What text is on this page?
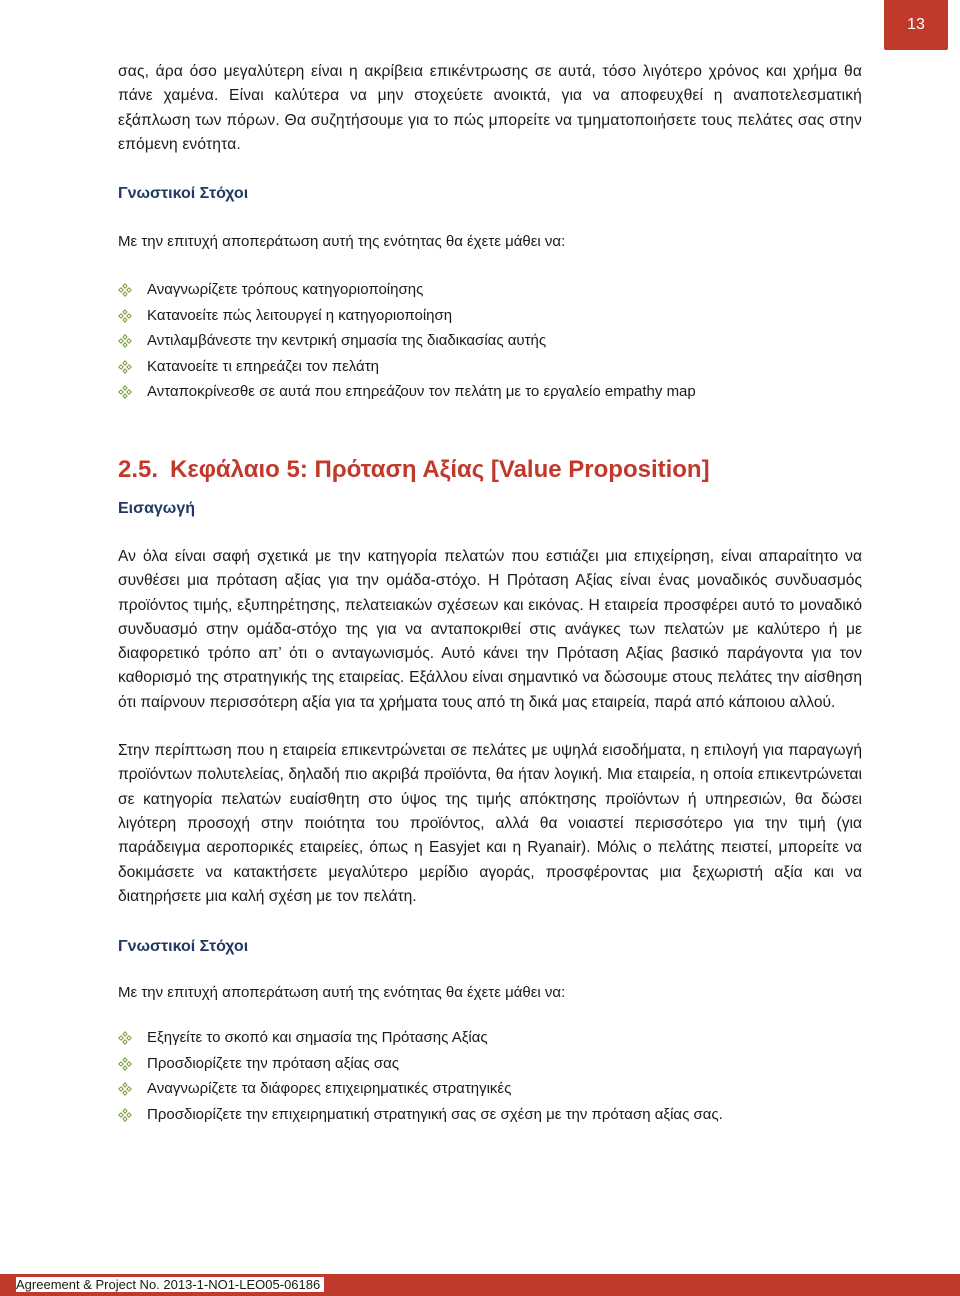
13

σας, άρα όσο μεγαλύτερη είναι η ακρίβεια επικέντρωσης σε αυτά, τόσο λιγότερο χρόνος και χρήμα θα πάνε χαμένα. Είναι καλύτερα να μην στοχεύετε ανοικτά, για να αποφευχθεί η αναποτελεσματική εξάπλωση των πόρων. Θα συζητήσουμε για το πώς μπορείτε να τμηματοποιήσετε τους πελάτες σας στην επόμενη ενότητα.

Γνωστικοί Στόχοι

Με την επιτυχή αποπεράτωση αυτή της ενότητας θα έχετε μάθει να:

Αναγνωρίζετε τρόπους κατηγοριοποίησης
Κατανοείτε πώς λειτουργεί η κατηγοριοποίηση
Αντιλαμβάνεστε την κεντρική σημασία της διαδικασίας αυτής
Κατανοείτε τι επηρεάζει τον πελάτη
Ανταποκρίνεσθε σε αυτά που επηρεάζουν τον πελάτη με το εργαλείο empathy map
2.5. Κεφάλαιο 5: Πρόταση Αξίας [Value Proposition]
Εισαγωγή

Αν όλα είναι σαφή σχετικά με την κατηγορία πελατών που εστιάζει μια επιχείρηση, είναι απαραίτητο να συνθέσει μια πρόταση αξίας για την ομάδα-στόχο. Η Πρόταση Αξίας είναι ένας μοναδικός συνδυασμός προϊόντος τιμής, εξυπηρέτησης, πελατειακών σχέσεων και εικόνας. Η εταιρεία προσφέρει αυτό το μοναδικό συνδυασμό στην ομάδα-στόχο της για να ανταποκριθεί στις ανάγκες των πελατών με καλύτερο ή με διαφορετικό τρόπο απ’ ότι ο ανταγωνισμός. Αυτό κάνει την Πρόταση Αξίας βασικό παράγοντα για τον καθορισμό της στρατηγικής της εταιρείας. Εξάλλου είναι σημαντικό να δώσουμε στους πελάτες την αίσθηση ότι παίρνουν περισσότερη αξία για τα χρήματα τους από τη δικά μας εταιρεία, παρά από κάποιου αλλού.

Στην περίπτωση που η εταιρεία επικεντρώνεται σε πελάτες με υψηλά εισοδήματα, η επιλογή για παραγωγή προϊόντων πολυτελείας, δηλαδή πιο ακριβά προϊόντα, θα ήταν λογική. Μια εταιρεία, η οποία επικεντρώνεται σε κατηγορία πελατών ευαίσθητη στο ύψος της τιμής απόκτησης προϊόντων ή υπηρεσιών, θα δώσει λιγότερη προσοχή στην ποιότητα του προϊόντος, αλλά θα νοιαστεί περισσότερο για την τιμή (για παράδειγμα αεροπορικές εταιρείες, όπως η Easyjet και η Ryanair). Μόλις ο πελάτης πειστεί, μπορείτε να δοκιμάσετε να κατακτήσετε μεγαλύτερο μερίδιο αγοράς, προσφέροντας μια ξεχωριστή αξία και να διατηρήσετε μια καλή σχέση με τον πελάτη.

Γνωστικοί Στόχοι

Με την επιτυχή αποπεράτωση αυτή της ενότητας θα έχετε μάθει να:

Εξηγείτε το σκοπό και σημασία της Πρότασης Αξίας
Προσδιορίζετε την πρόταση αξίας σας
Αναγνωρίζετε τα διάφορες επιχειρηματικές στρατηγικές
Προσδιορίζετε την επιχειρηματική στρατηγική σας σε σχέση με την πρόταση αξίας σας.
Agreement & Project No. 2013-1-NO1-LEO05-06186
